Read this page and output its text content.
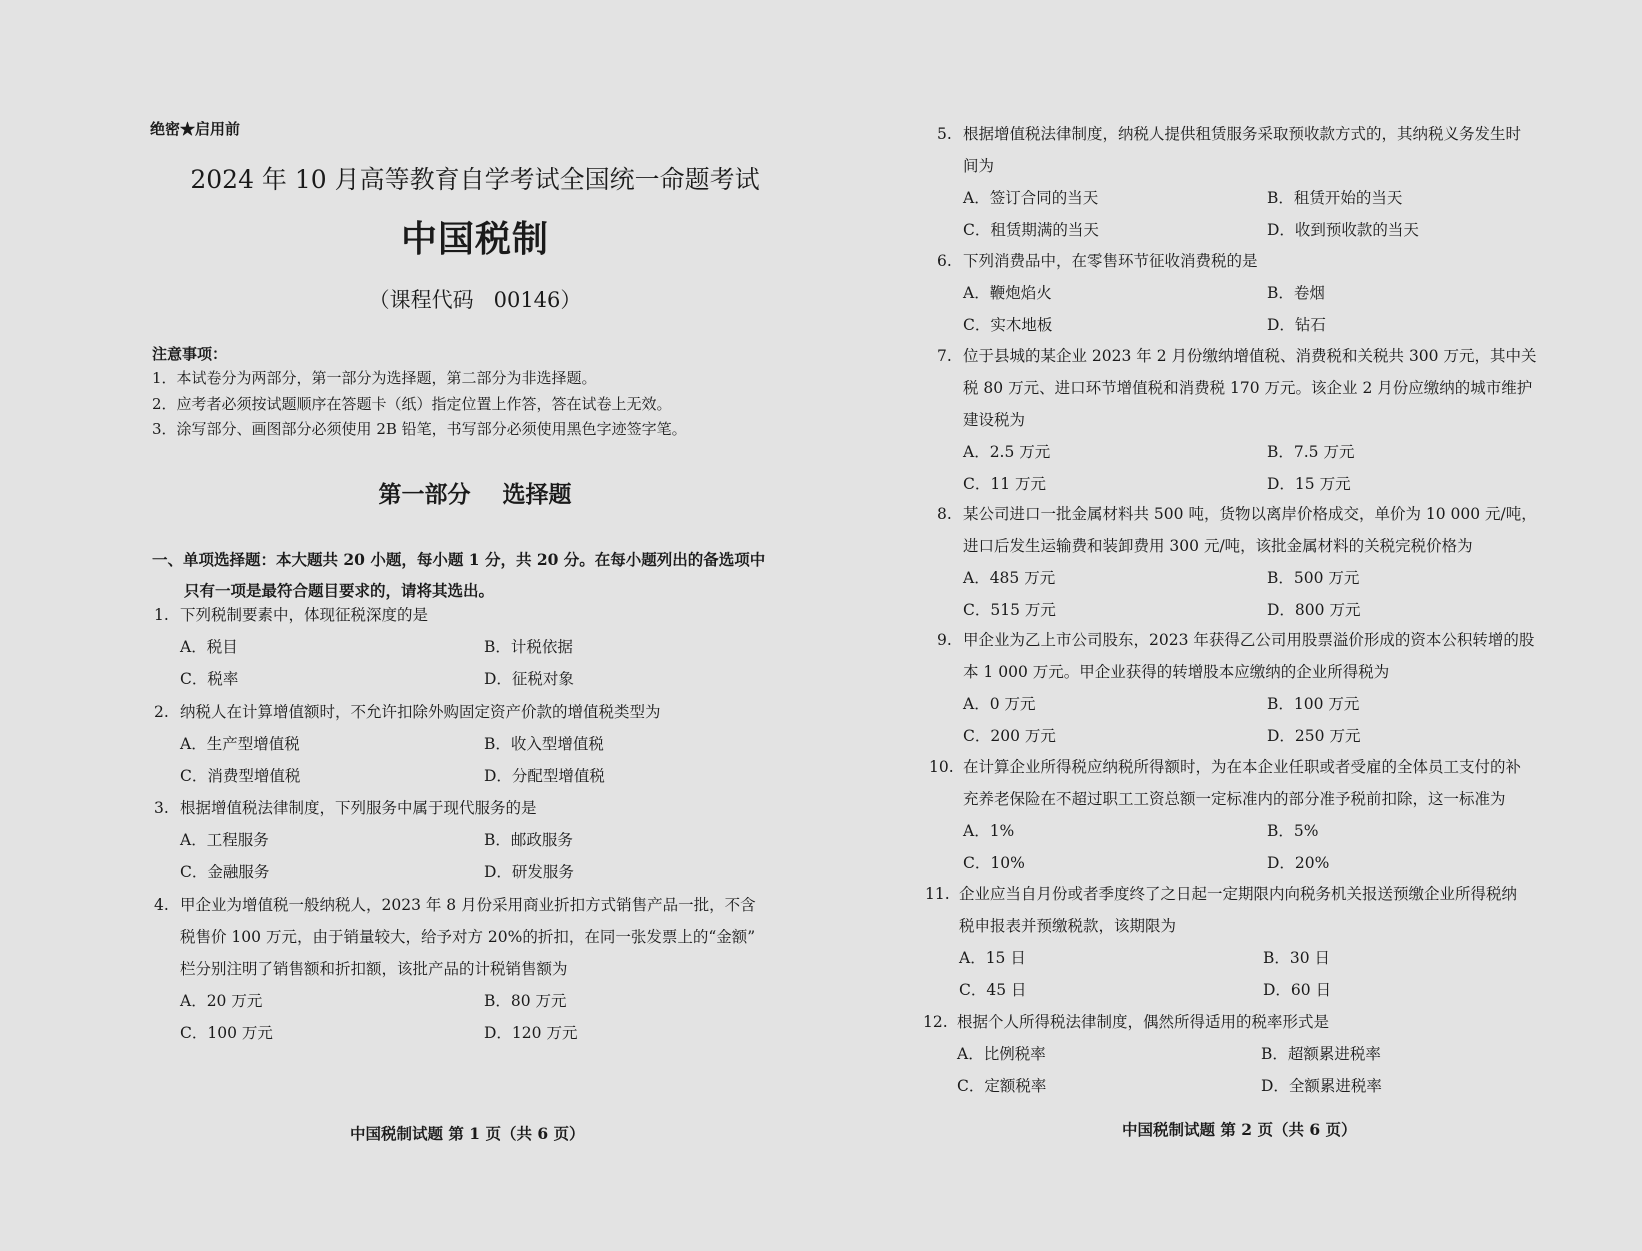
绝密★启用前
2024 年 10 月高等教育自学考试全国统一命题考试
中国税制
（课程代码   00146）
注意事项：
1．本试卷分为两部分，第一部分为选择题，第二部分为非选择题。
2．应考者必须按试题顺序在答题卡（纸）指定位置上作答，答在试卷上无效。
3．涂写部分、画图部分必须使用 2B 铅笔，书写部分必须使用黑色字迹签字笔。
第一部分    选择题
一、单项选择题：本大题共 20 小题，每小题 1 分，共 20 分。在每小题列出的备选项中
只有一项是最符合题目要求的，请将其选出。
1. 下列税制要素中，体现征税深度的是
A．税目	B．计税依据
C．税率	D．征税对象
2. 纳税人在计算增值额时，不允许扣除外购固定资产价款的增值税类型为
A．生产型增值税	B．收入型增值税
C．消费型增值税	D．分配型增值税
3. 根据增值税法律制度，下列服务中属于现代服务的是
A．工程服务	B．邮政服务
C．金融服务	D．研发服务
4. 甲企业为增值税一般纳税人，2023 年 8 月份采用商业折扣方式销售产品一批，不含
税售价 100 万元，由于销量较大，给予对方 20%的折扣，在同一张发票上的“金额”
栏分别注明了销售额和折扣额，该批产品的计税销售额为
A．20 万元	B．80 万元
C．100 万元	D．120 万元
中国税制试题 第 1 页（共 6 页）
5. 根据增值税法律制度，纳税人提供租赁服务采取预收款方式的，其纳税义务发生时
间为
A．签订合同的当天	B．租赁开始的当天
C．租赁期满的当天	D．收到预收款的当天
6. 下列消费品中，在零售环节征收消费税的是
A．鞭炮焰火	B．卷烟
C．实木地板	D．钻石
7. 位于县城的某企业 2023 年 2 月份缴纳增值税、消费税和关税共 300 万元，其中关
税 80 万元、进口环节增值税和消费税 170 万元。该企业 2 月份应缴纳的城市维护
建设税为
A．2.5 万元	B．7.5 万元
C．11 万元	D．15 万元
8. 某公司进口一批金属材料共 500 吨，货物以离岸价格成交，单价为 10 000 元/吨，
进口后发生运输费和装卸费用 300 元/吨，该批金属材料的关税完税价格为
A．485 万元	B．500 万元
C．515 万元	D．800 万元
9. 甲企业为乙上市公司股东，2023 年获得乙公司用股票溢价形成的资本公积转增的股
本 1 000 万元。甲企业获得的转增股本应缴纳的企业所得税为
A．0 万元	B．100 万元
C．200 万元	D．250 万元
10. 在计算企业所得税应纳税所得额时，为在本企业任职或者受雇的全体员工支付的补
充养老保险在不超过职工工资总额一定标准内的部分准予税前扣除，这一标准为
A．1%	B．5%
C．10%	D．20%
11. 企业应当自月份或者季度终了之日起一定期限内向税务机关报送预缴企业所得税纳
税申报表并预缴税款，该期限为
A．15 日	B．30 日
C．45 日	D．60 日
12. 根据个人所得税法律制度，偶然所得适用的税率形式是
A．比例税率	B．超额累进税率
C．定额税率	D．全额累进税率
中国税制试题 第 2 页（共 6 页）
